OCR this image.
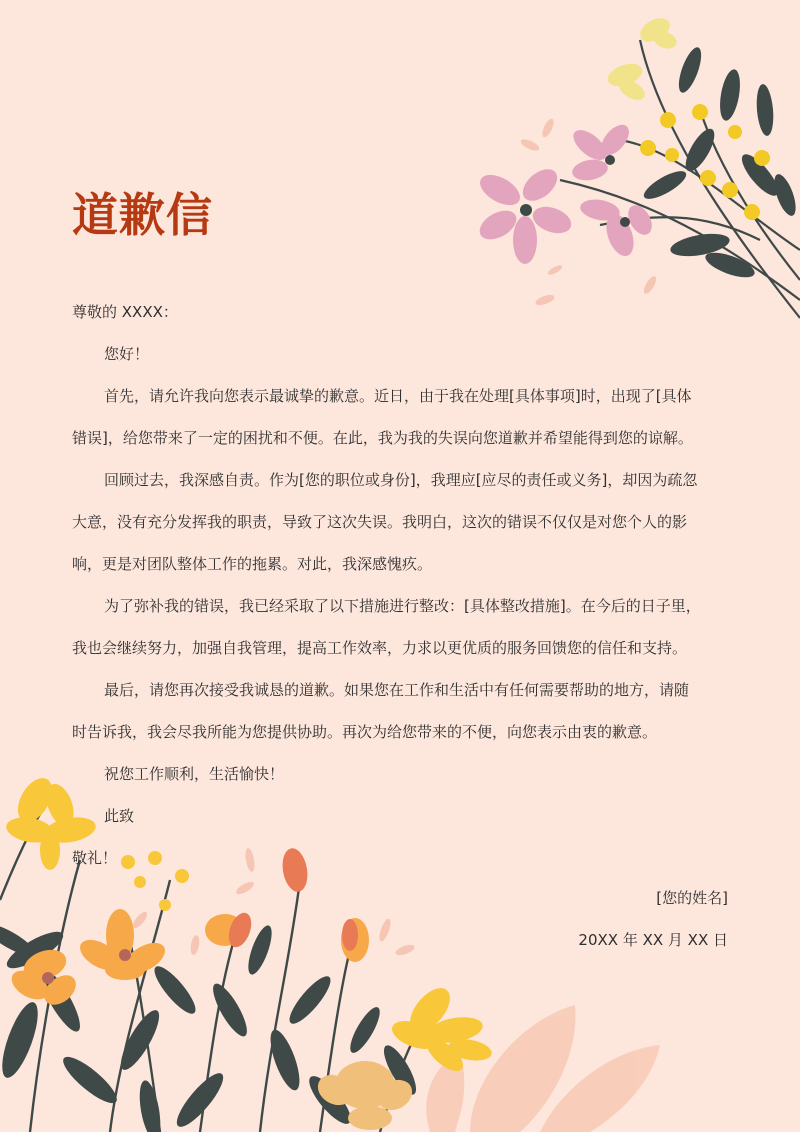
道歉信
尊敬的 XXXX：
您好！
首先，请允许我向您表示最诚挚的歉意。近日，由于我在处理[具体事项]时，出现了[具体
错误]，给您带来了一定的困扰和不便。在此，我为我的失误向您道歉并希望能得到您的谅解。
回顾过去，我深感自责。作为[您的职位或身份]，我理应[应尽的责任或义务]，却因为疏忽
大意，没有充分发挥我的职责，导致了这次失误。我明白，这次的错误不仅仅是对您个人的影
响，更是对团队整体工作的拖累。对此，我深感愧疚。
为了弥补我的错误，我已经采取了以下措施进行整改：[具体整改措施]。在今后的日子里，
我也会继续努力，加强自我管理，提高工作效率，力求以更优质的服务回馈您的信任和支持。
最后，请您再次接受我诚恳的道歉。如果您在工作和生活中有任何需要帮助的地方，请随
时告诉我，我会尽我所能为您提供协助。再次为给您带来的不便，向您表示由衷的歉意。
祝您工作顺利，生活愉快！
此致
敬礼！
[您的姓名]
20XX 年 XX 月 XX 日
